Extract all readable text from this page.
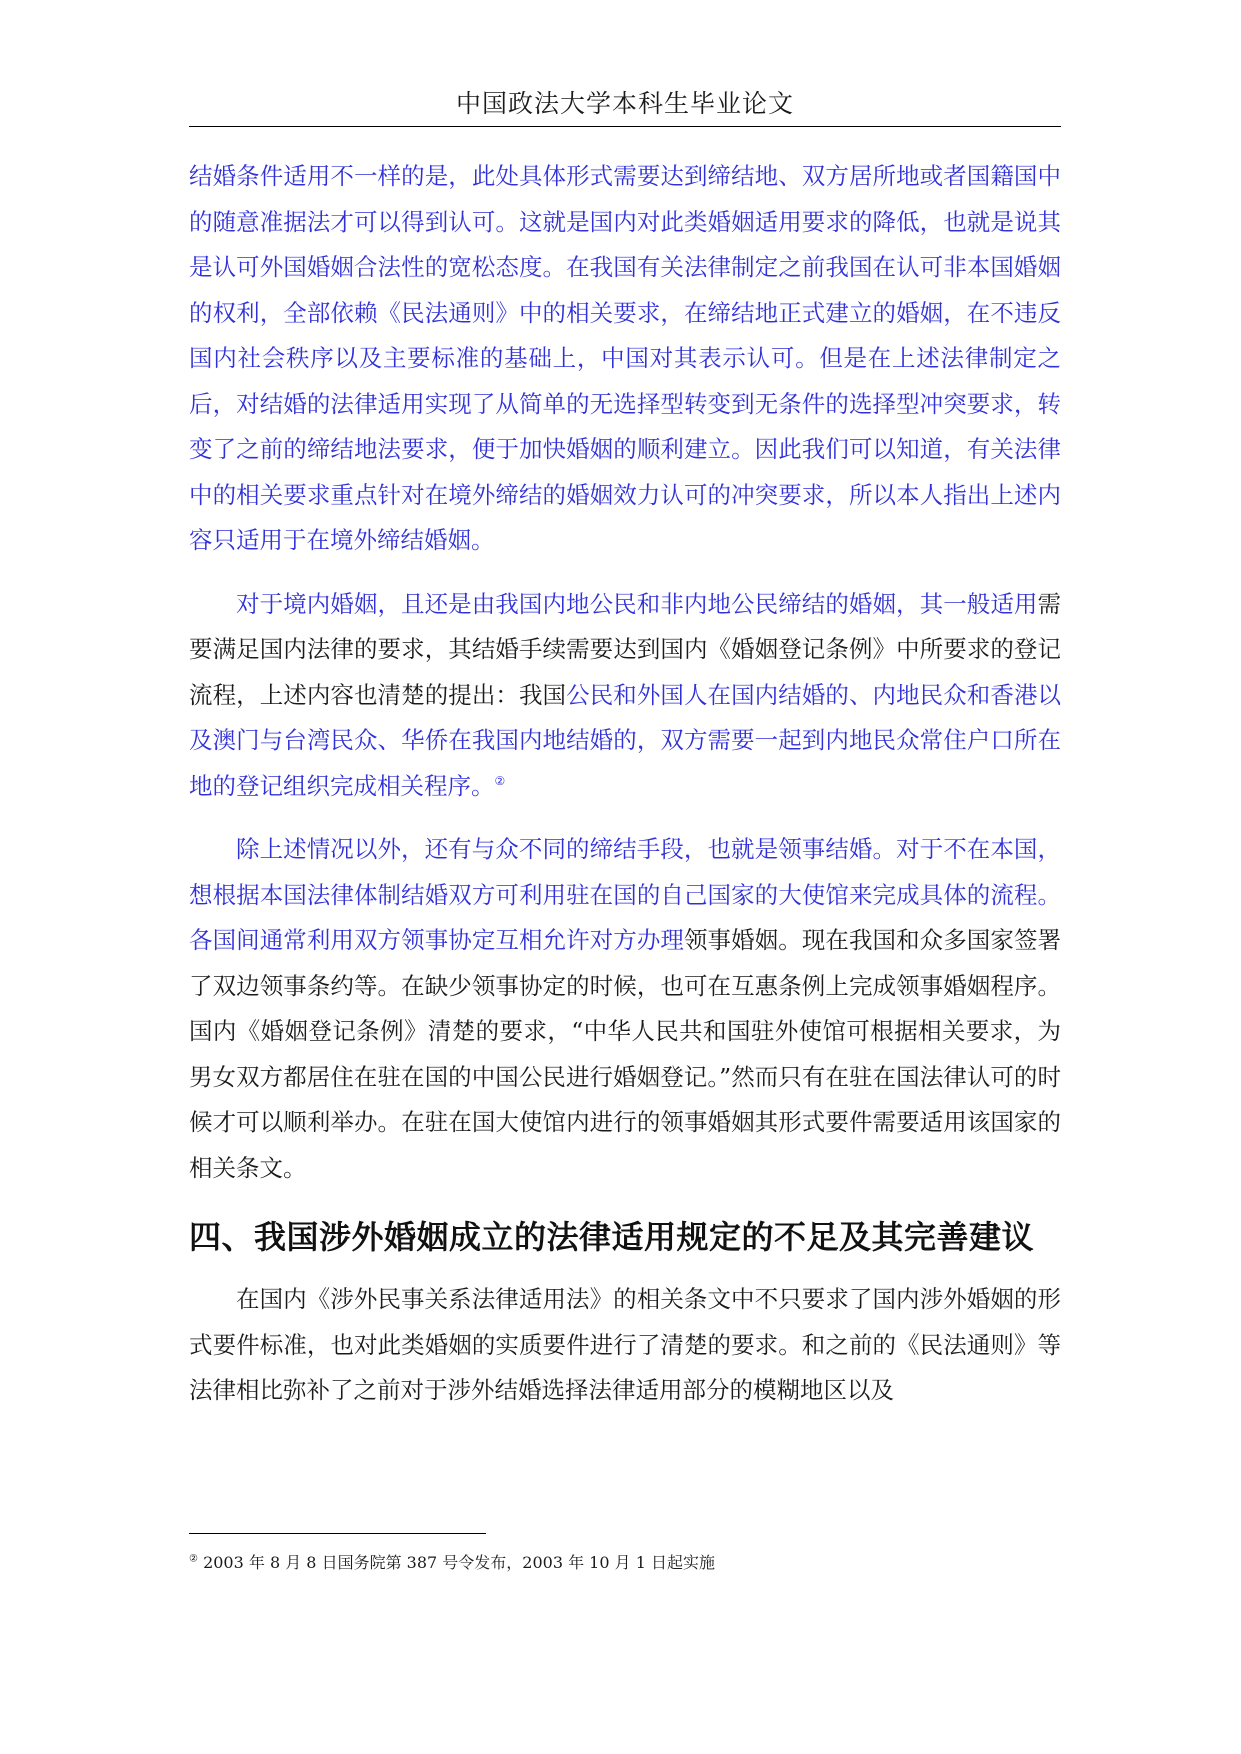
中国政法大学本科生毕业论文

结婚条件适用不一样的是，此处具体形式需要达到缔结地、双方居所地或者国籍国中的随意准据法才可以得到认可。这就是国内对此类婚姻适用要求的降低，也就是说其是认可外国婚姻合法性的宽松态度。在我国有关法律制定之前我国在认可非本国婚姻的权利，全部依赖《民法通则》中的相关要求，在缔结地正式建立的婚姻，在不违反国内社会秩序以及主要标准的基础上，中国对其表示认可。但是在上述法律制定之后，对结婚的法律适用实现了从简单的无选择型转变到无条件的选择型冲突要求，转变了之前的缔结地法要求，便于加快婚姻的顺利建立。因此我们可以知道，有关法律中的相关要求重点针对在境外缔结的婚姻效力认可的冲突要求，所以本人指出上述内容只适用于在境外缔结婚姻。

对于境内婚姻，且还是由我国内地公民和非内地公民缔结的婚姻，其一般适用需要满足国内法律的要求，其结婚手续需要达到国内《婚姻登记条例》中所要求的登记流程，上述内容也清楚的提出：我国公民和外国人在国内结婚的、内地民众和香港以及澳门与台湾民众、华侨在我国内地结婚的，双方需要一起到内地民众常住户口所在地的登记组织完成相关程序。②

除上述情况以外，还有与众不同的缔结手段，也就是领事结婚。对于不在本国，想根据本国法律体制结婚双方可利用驻在国的自己国家的大使馆来完成具体的流程。各国间通常利用双方领事协定互相允许对方办理领事婚姻。现在我国和众多国家签署了双边领事条约等。在缺少领事协定的时候，也可在互惠条例上完成领事婚姻程序。国内《婚姻登记条例》清楚的要求，“中华人民共和国驻外使馆可根据相关要求，为男女双方都居住在驻在国的中国公民进行婚姻登记。”然而只有在驻在国法律认可的时候才可以顺利举办。在驻在国大使馆内进行的领事婚姻其形式要件需要适用该国家的相关条文。

四、我国涉外婚姻成立的法律适用规定的不足及其完善建议

在国内《涉外民事关系法律适用法》的相关条文中不只要求了国内涉外婚姻的形式要件标准，也对此类婚姻的实质要件进行了清楚的要求。和之前的《民法通则》等法律相比弥补了之前对于涉外结婚选择法律适用部分的模糊地区以及

② 2003 年 8 月 8 日国务院第 387 号令发布，2003 年 10 月 1 日起实施
